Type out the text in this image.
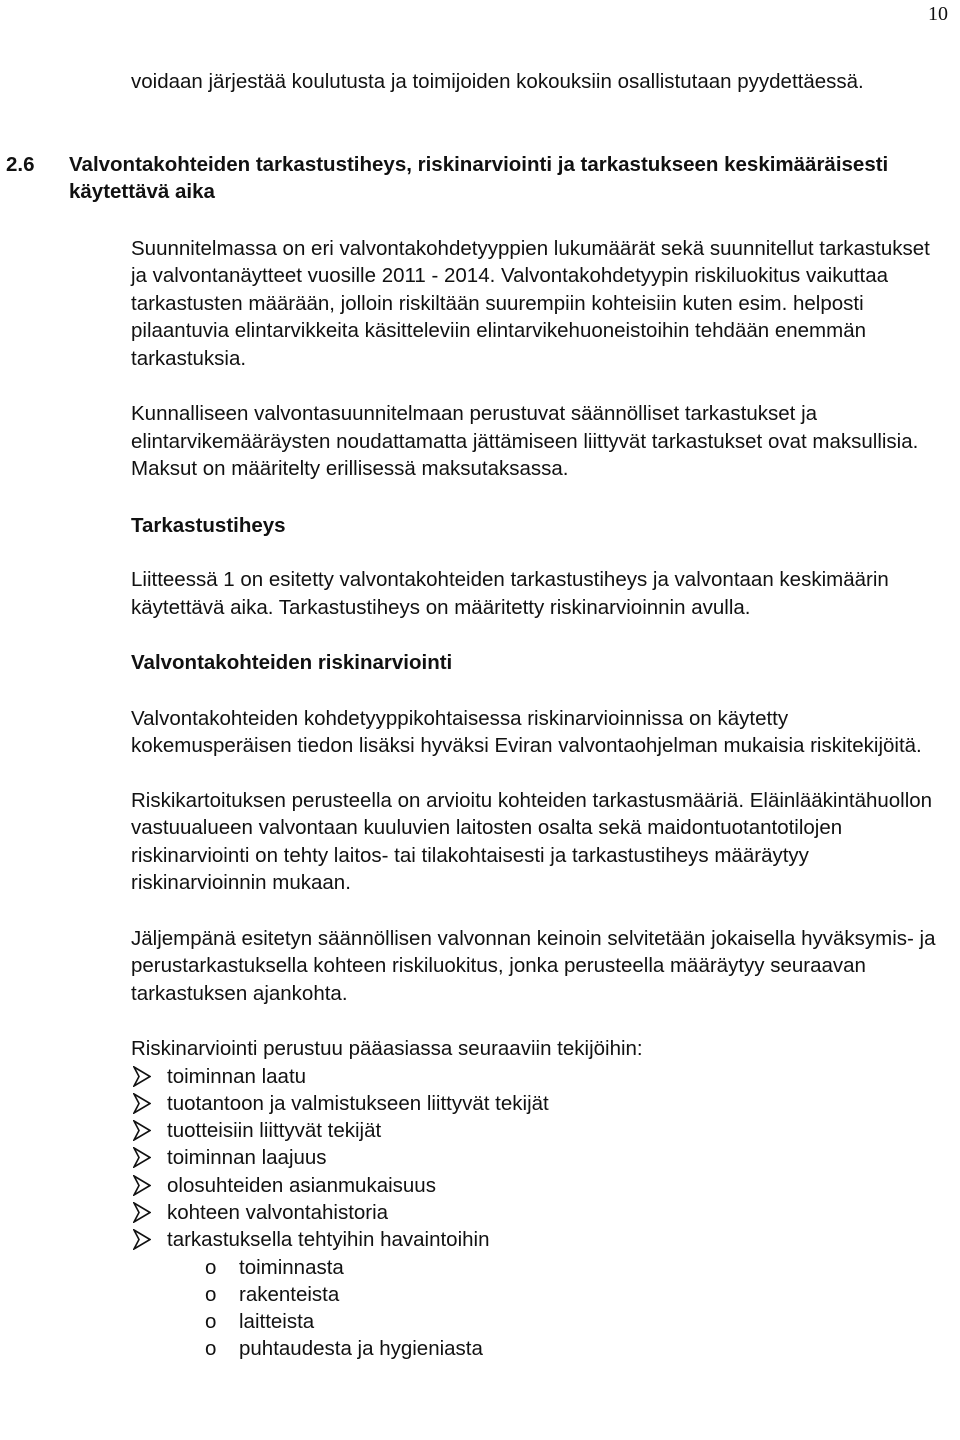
10

voidaan järjestää koulutusta ja toimijoiden kokouksiin osallistutaan pyydettäessä.

2.6 Valvontakohteiden tarkastustiheys, riskinarviointi ja tarkastukseen keskimääräisesti käytettävä aika

Suunnitelmassa on eri valvontakohdetyyppien lukumäärät sekä suunnitellut tarkastukset ja valvontanäytteet vuosille 2011 - 2014. Valvontakohdetyypin riskiluokitus vaikuttaa tarkastusten määrään, jolloin riskiltään suurempiin kohteisiin kuten esim. helposti pilaantuvia elintarvikkeita käsitteleviin elintarvikehuoneistoihin tehdään enemmän tarkastuksia.

Kunnalliseen valvontasuunnitelmaan perustuvat säännölliset tarkastukset ja elintarvikemääräysten noudattamatta jättämiseen liittyvät tarkastukset ovat maksullisia. Maksut on määritelty erillisessä maksutaksassa.

Tarkastustiheys

Liitteessä 1 on esitetty valvontakohteiden tarkastustiheys ja valvontaan keskimäärin käytettävä aika. Tarkastustiheys on määritetty riskinarvioinnin avulla.

Valvontakohteiden riskinarviointi

Valvontakohteiden kohdetyyppikohtaisessa riskinarvioinnissa on käytetty kokemusperäisen tiedon lisäksi hyväksi Eviran valvontaohjelman mukaisia riskitekijöitä.

Riskikartoituksen perusteella on arvioitu kohteiden tarkastusmääriä. Eläinlääkintähuollon vastuualueen valvontaan kuuluvien laitosten osalta sekä maidontuotantotilojen riskinarviointi on tehty laitos- tai tilakohtaisesti ja tarkastustiheys määräytyy riskinarvioinnin mukaan.

Jäljempänä esitetyn säännöllisen valvonnan keinoin selvitetään jokaisella hyväksymis- ja perustarkastuksella kohteen riskiluokitus, jonka perusteella määräytyy seuraavan tarkastuksen ajankohta.

Riskinarviointi perustuu pääasiassa seuraaviin tekijöihin:

toiminnan laatu
tuotantoon ja valmistukseen liittyvät tekijät
tuotteisiin liittyvät tekijät
toiminnan laajuus
olosuhteiden asianmukaisuus
kohteen valvontahistoria
tarkastuksella tehtyihin havaintoihin
o toiminnasta
o rakenteista
o laitteista
o puhtaudesta ja hygieniasta
